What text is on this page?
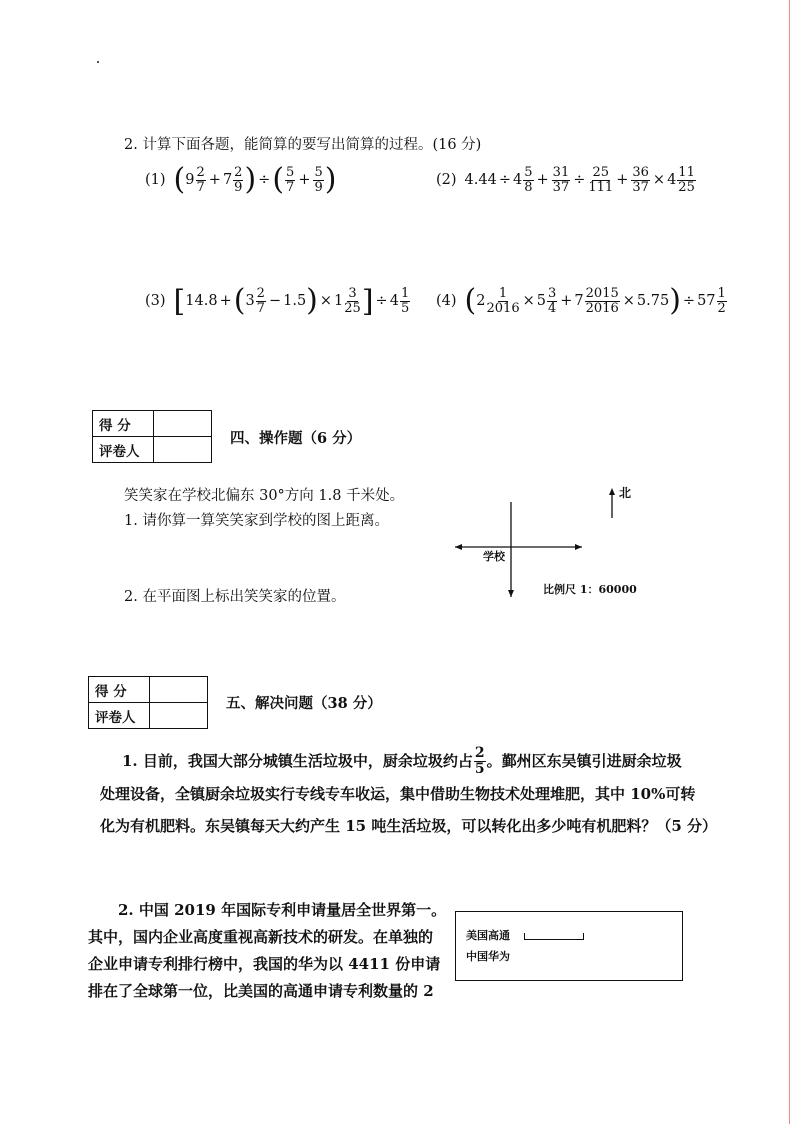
2. 计算下面各题，能简算的要写出简算的过程。(16 分)
(1) ( $9 \frac{2}{7} + 7 \frac{2}{9}$ ) ÷ ( $\frac{5}{7} + \frac{5}{9}$ )	(2) $4.44 \div 4 \frac{5}{8} + \frac{31}{37} \div \frac{25}{111} + \frac{36}{37} \times 4 \frac{11}{25}$
(3) [ 14.8 + ( $3 \frac{2}{7} - 1.5$ ) × $1 \frac{3}{25}$ ] ÷ $4 \frac{1}{5} (4)$ ( $2 \frac{1}{2016} \times 5 \frac{3}{4} + 7 \frac{2015}{2016} \times 5.75$ ) ÷ $57 \frac{1}{2}$
得 分	
评卷人	
四、操作题（6 分）
笑笑家在学校北偏东 30°方向 1.8 千米处。
1. 请你算一算笑笑家到学校的图上距离。
2. 在平面图上标出笑笑家的位置。
学校
北
比例尺 1：60000
得 分	
评卷人	
五、解决问题（38 分）
1. 目前，我国大部分城镇生活垃圾中，厨余垃圾约占 $\frac{2}{5}$ 。鄞州区东吴镇引进厨余垃圾
处理设备，全镇厨余垃圾实行专线专车收运，集中借助生物技术处理堆肥，其中 10%可转
化为有机肥料。东吴镇每天大约产生 15 吨生活垃圾，可以转化出多少吨有机肥料？（5 分）
2. 中国 2019 年国际专利申请量居全世界第一。
其中，国内企业高度重视高新技术的研发。在单独的
企业申请专利排行榜中，我国的华为以 4411 份申请
排在了全球第一位，比美国的高通申请专利数量的 2
美国高通
中国华为
